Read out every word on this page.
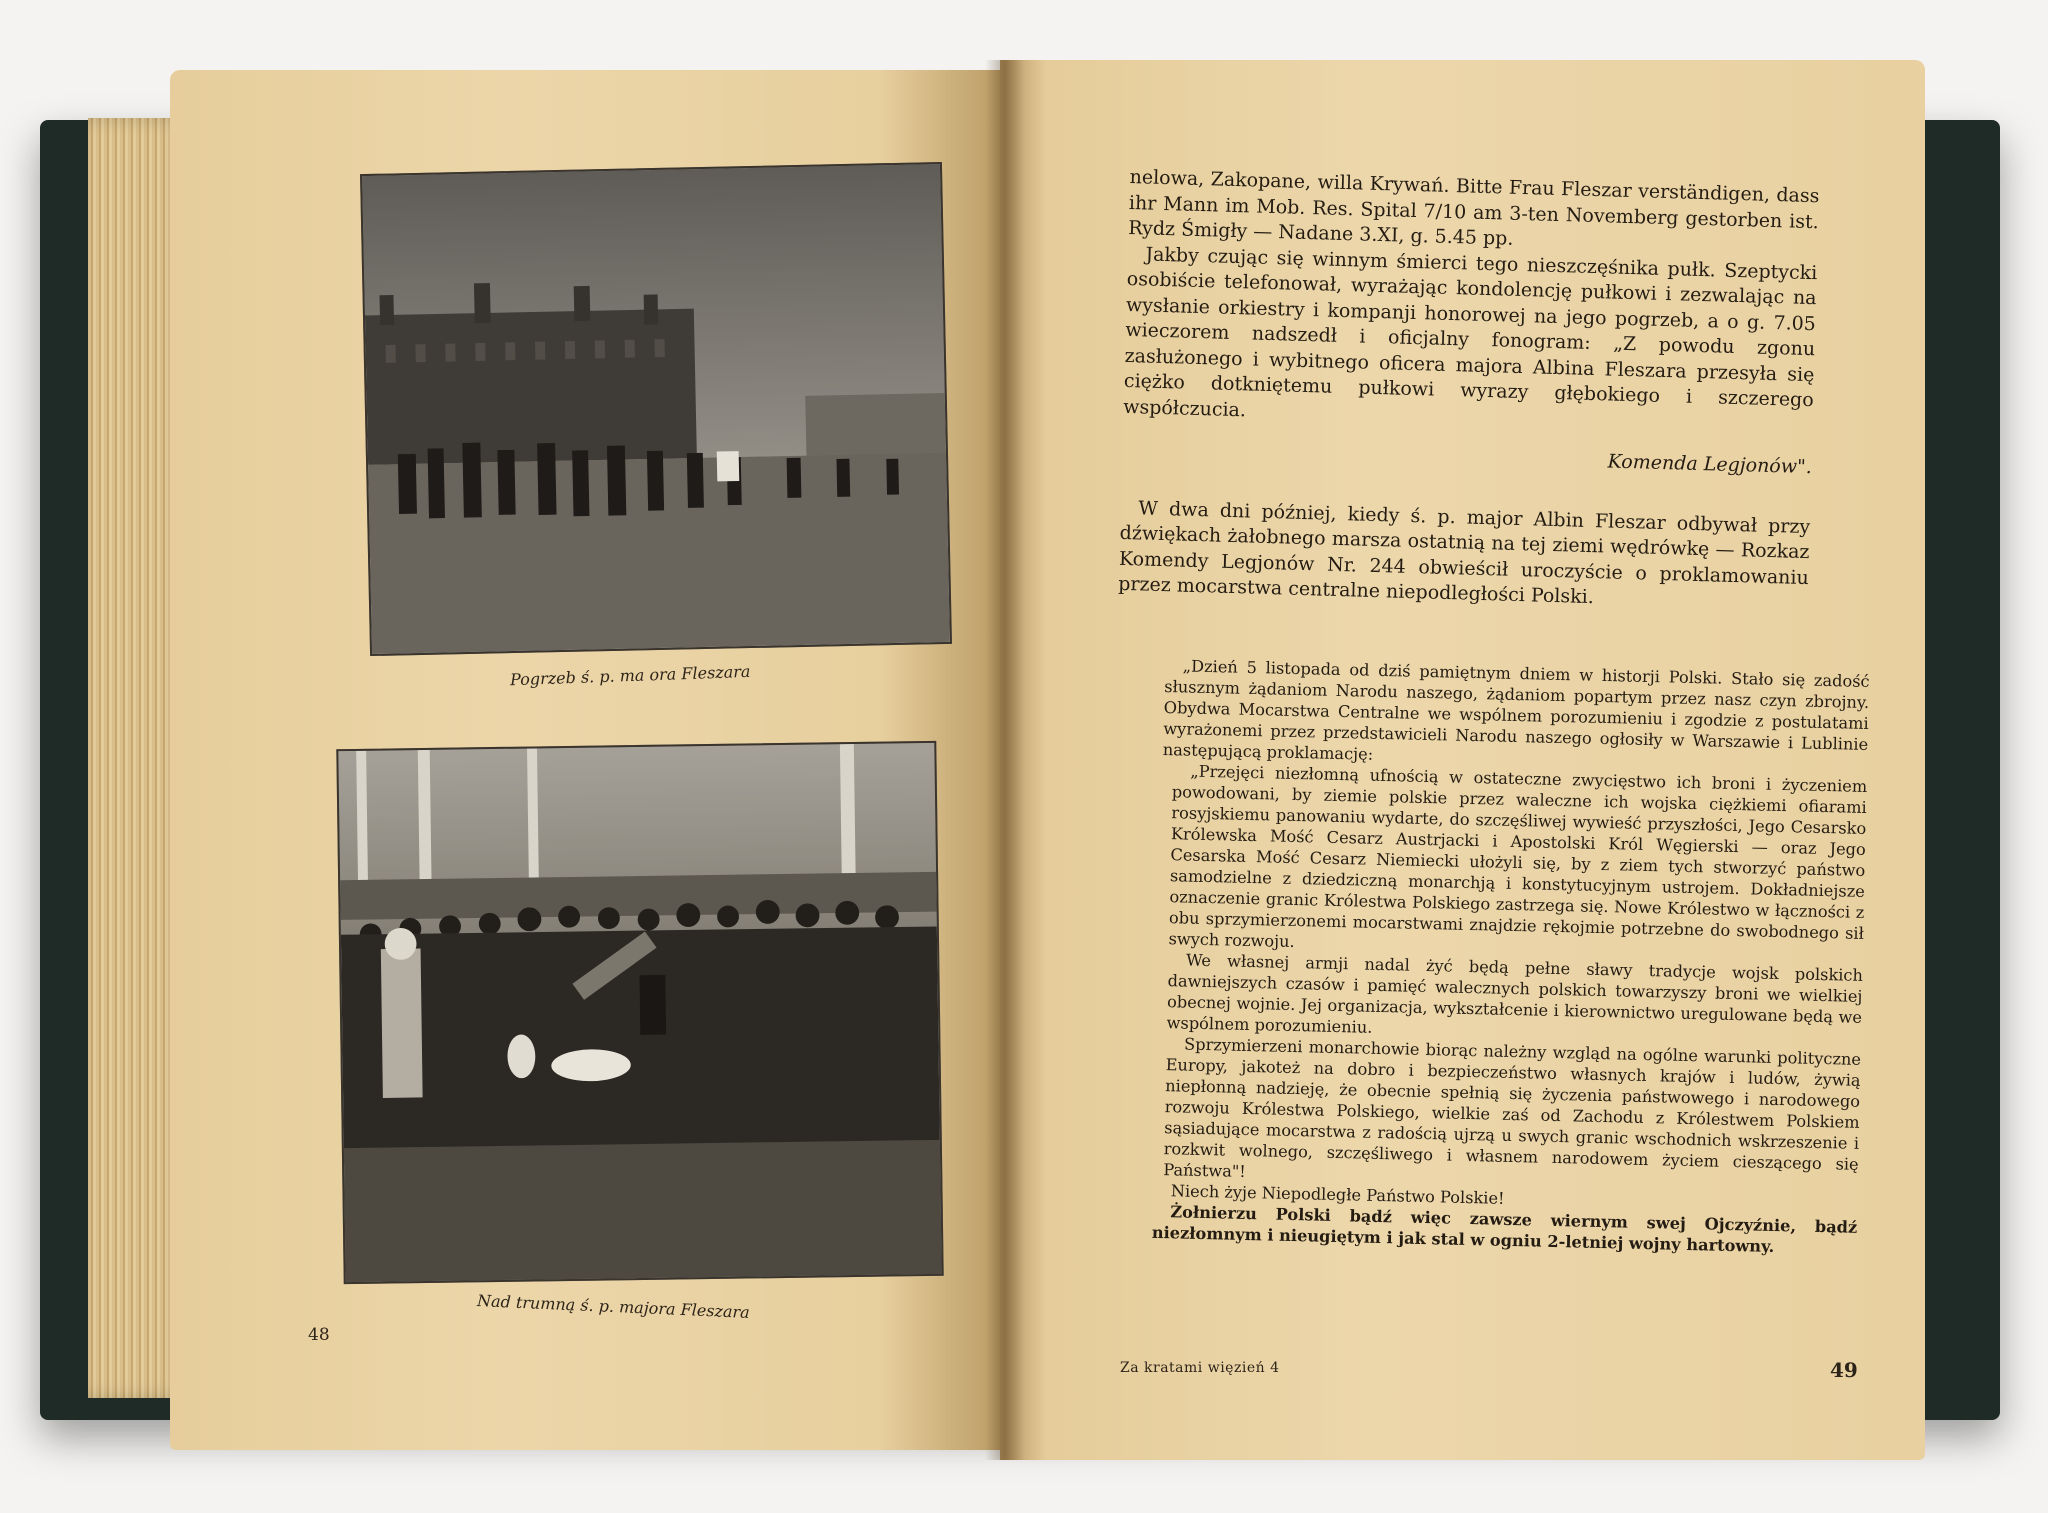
Pogrzeb ś. p. ma ora Fleszara
Nad trumną ś. p. majora Fleszara
48

nelowa, Zakopane, willa Krywań. Bitte Frau Fleszar verständigen, dass ihr Mann im Mob. Res. Spital 7/10 am 3-ten Novemberg gestorben ist. Rydz Śmigły — Nadane 3.XI, g. 5.45 pp.

Jakby czując się winnym śmierci tego nieszczęśnika pułk. Szeptycki osobiście telefonował, wyrażając kondolencję pułkowi i zezwalając na wysłanie orkiestry i kompanji honorowej na jego pogrzeb, a o g. 7.05 wieczorem nadszedł i oficjalny fonogram: „Z powodu zgonu zasłużonego i wybitnego oficera majora Albina Fleszara przesyła się ciężko dotkniętemu pułkowi wyrazy głębokiego i szczerego współczucia.

Komenda Legjonów".

W dwa dni później, kiedy ś. p. major Albin Fleszar odbywał przy dźwiękach żałobnego marsza ostatnią na tej ziemi wędrówkę — Rozkaz Komendy Legjonów Nr. 244 obwieścił uroczyście o proklamowaniu przez mocarstwa centralne niepodległości Polski.

„Dzień 5 listopada od dziś pamiętnym dniem w historji Polski. Stało się zadość słusznym żądaniom Narodu naszego, żądaniom popartym przez nasz czyn zbrojny. Obydwa Mocarstwa Centralne we wspólnem porozumieniu i zgodzie z postulatami wyrażonemi przez przedstawicieli Narodu naszego ogłosiły w Warszawie i Lublinie następującą proklamację:

„Przejęci niezłomną ufnością w ostateczne zwycięstwo ich broni i życzeniem powodowani, by ziemie polskie przez waleczne ich wojska ciężkiemi ofiarami rosyjskiemu panowaniu wydarte, do szczęśliwej wywieść przyszłości, Jego Cesarsko Królewska Mość Cesarz Austrjacki i Apostolski Król Węgierski — oraz Jego Cesarska Mość Cesarz Niemiecki ułożyli się, by z ziem tych stworzyć państwo samodzielne z dziedziczną monarchją i konstytucyjnym ustrojem. Dokładniejsze oznaczenie granic Królestwa Polskiego zastrzega się. Nowe Królestwo w łączności z obu sprzymierzonemi mocarstwami znajdzie rękojmie potrzebne do swobodnego sił swych rozwoju.

We własnej armji nadal żyć będą pełne sławy tradycje wojsk polskich dawniejszych czasów i pamięć walecznych polskich towarzyszy broni we wielkiej obecnej wojnie. Jej organizacja, wykształcenie i kierownictwo uregulowane będą we wspólnem porozumieniu.

Sprzymierzeni monarchowie biorąc należny wzgląd na ogólne warunki polityczne Europy, jakoteż na dobro i bezpieczeństwo własnych krajów i ludów, żywią niepłonną nadzieję, że obecnie spełnią się życzenia państwowego i narodowego rozwoju Królestwa Polskiego, wielkie zaś od Zachodu z Królestwem Polskiem sąsiadujące mocarstwa z radością ujrzą u swych granic wschodnich wskrzeszenie i rozkwit wolnego, szczęśliwego i własnem narodowem życiem cieszącego się Państwa"!

Niech żyje Niepodległe Państwo Polskie!

Żołnierzu Polski bądź więc zawsze wiernym swej Ojczyźnie, bądź niezłomnym i nieugiętym i jak stal w ogniu 2-letniej wojny hartowny.

Za kratami więzień 4	49
